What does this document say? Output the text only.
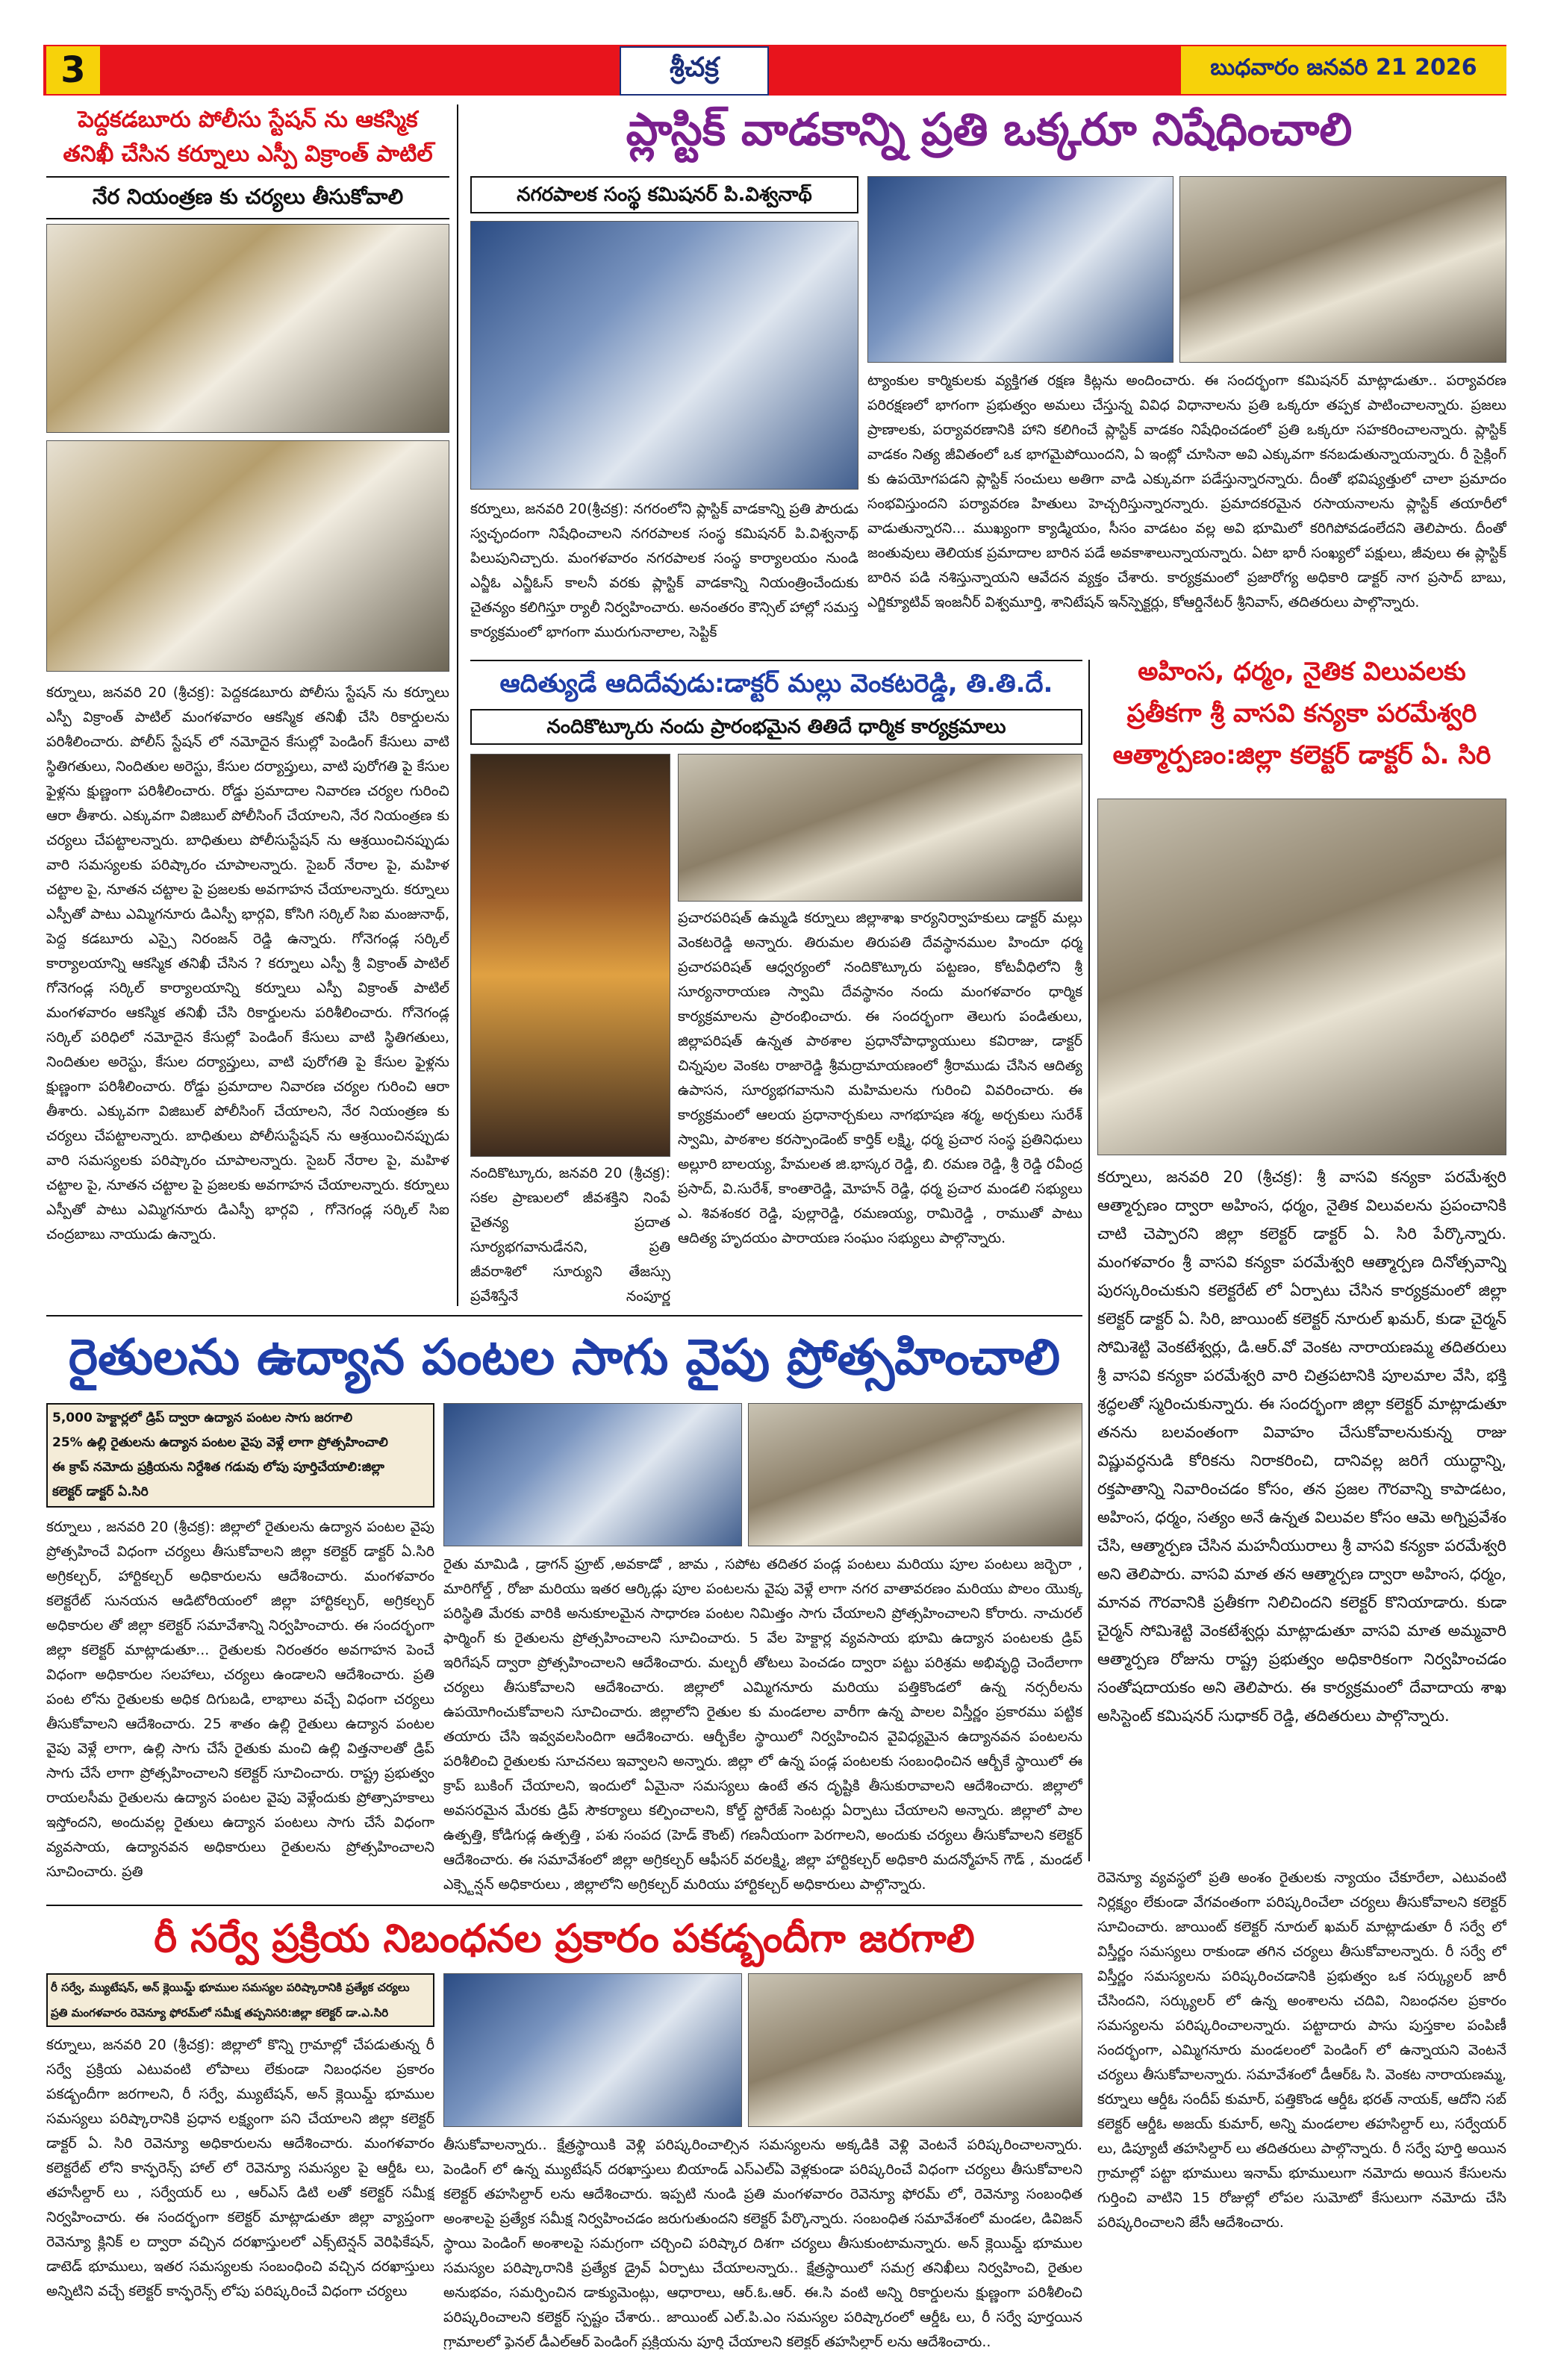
3	శ్రీచక్ర	బుధవారం జనవరి 21 2026
పెద్దకడబూరు పోలీసు స్టేషన్ ను ఆకస్మిక
తనిఖీ చేసిన కర్నూలు ఎస్పీ విక్రాంత్ పాటిల్
నేర నియంత్రణ కు చర్యలు తీసుకోవాలి
కర్నూలు, జనవరి 20 (శ్రీచక్ర): పెద్దకడబూరు పోలీసు స్టేషన్ ను కర్నూలు ఎస్పీ విక్రాంత్ పాటిల్ మంగళవారం ఆకస్మిక తనిఖీ చేసి రికార్డులను పరిశీలించారు. పోలీస్ స్టేషన్ లో నమోదైన కేసుల్లో పెండింగ్ కేసులు వాటి స్థితిగతులు, నిందితుల అరెస్టు, కేసుల దర్యాప్తులు, వాటి పురోగతి పై కేసుల ఫైళ్లను క్షుణ్ణంగా పరిశీలించారు. రోడ్డు ప్రమాదాల నివారణ చర్యల గురించి ఆరా తీశారు. ఎక్కువగా విజిబుల్ పోలీసింగ్ చేయాలని, నేర నియంత్రణ కు చర్యలు చేపట్టాలన్నారు. బాధితులు పోలీసుస్టేషన్ ను ఆశ్రయించినప్పుడు వారి సమస్యలకు పరిష్కారం చూపాలన్నారు. సైబర్ నేరాల పై, మహిళ చట్టాల పై, నూతన చట్టాల పై ప్రజలకు అవగాహన చేయాలన్నారు. కర్నూలు ఎస్పీతో పాటు ఎమ్మిగనూరు డిఎస్పీ భార్గవి, కోసిగి సర్కిల్ సిఐ మంజునాథ్, పెద్ద కడబూరు ఎస్సై నిరంజన్ రెడ్డి ఉన్నారు. గోనెగండ్ల సర్కిల్ కార్యాలయాన్ని ఆకస్మిక తనిఖీ చేసిన ? కర్నూలు ఎస్పీ శ్రీ విక్రాంత్ పాటిల్ గోనెగండ్ల సర్కిల్ కార్యాలయాన్ని కర్నూలు ఎస్పీ విక్రాంత్ పాటిల్ మంగళవారం ఆకస్మిక తనిఖీ చేసి రికార్డులను పరిశీలించారు. గోనెగండ్ల సర్కిల్ పరిధిలో నమోదైన కేసుల్లో పెండింగ్ కేసులు వాటి స్థితిగతులు, నిందితుల అరెస్టు, కేసుల దర్యాప్తులు, వాటి పురోగతి పై కేసుల ఫైళ్లను క్షుణ్ణంగా పరిశీలించారు. రోడ్డు ప్రమాదాల నివారణ చర్యల గురించి ఆరా తీశారు. ఎక్కువగా విజిబుల్ పోలీసింగ్ చేయాలని, నేర నియంత్రణ కు చర్యలు చేపట్టాలన్నారు. బాధితులు పోలీసుస్టేషన్ ను ఆశ్రయించినప్పుడు వారి సమస్యలకు పరిష్కారం చూపాలన్నారు. సైబర్ నేరాల పై, మహిళ చట్టాల పై, నూతన చట్టాల పై ప్రజలకు అవగాహన చేయాలన్నారు. కర్నూలు ఎస్పీతో పాటు ఎమ్మిగనూరు డిఎస్పీ భార్గవి , గోనెగండ్ల సర్కిల్ సిఐ చంద్రబాబు నాయుడు ఉన్నారు.
ప్లాస్టిక్ వాడకాన్ని ప్రతి ఒక్కరూ నిషేధించాలి
నగరపాలక సంస్థ కమిషనర్ పి.విశ్వనాథ్
కర్నూలు, జనవరి 20(శ్రీచక్ర): నగరంలోని ప్లాస్టిక్ వాడకాన్ని ప్రతి పౌరుడు స్వచ్ఛందంగా నిషేధించాలని నగరపాలక సంస్థ కమిషనర్ పి.విశ్వనాథ్ పిలుపునిచ్చారు. మంగళవారం నగరపాలక సంస్థ కార్యాలయం నుండి ఎన్జీఓ ఎన్జీఓస్ కాలనీ వరకు ప్లాస్టిక్ వాడకాన్ని నియంత్రించేందుకు చైతన్యం కలిగిస్తూ ర్యాలీ నిర్వహించారు. అనంతరం కౌన్సిల్ హాల్లో సమస్త కార్యక్రమంలో భాగంగా మురుగునాలాల, సెప్టిక్
ట్యాంకుల కార్మికులకు వ్యక్తిగత రక్షణ కిట్లను అందించారు. ఈ సందర్భంగా కమిషనర్ మాట్లాడుతూ.. పర్యావరణ పరిరక్షణలో భాగంగా ప్రభుత్వం అమలు చేస్తున్న వివిధ విధానాలను ప్రతి ఒక్కరూ తప్పక పాటించాలన్నారు. ప్రజలు ప్రాణాలకు, పర్యావరణానికి హాని కలిగించే ప్లాస్టిక్ వాడకం నిషేధించడంలో ప్రతి ఒక్కరూ సహకరించాలన్నారు. ప్లాస్టిక్ వాడకం నిత్య జీవితంలో ఒక భాగమైపోయిందని, ఏ ఇంట్లో చూసినా అవి ఎక్కువగా కనబడుతున్నాయన్నారు. రీ సైక్లింగ్ కు ఉపయోగపడని ప్లాస్టిక్ సంచులు అతిగా వాడి ఎక్కువగా పడేస్తున్నారన్నారు. దీంతో భవిష్యత్తులో చాలా ప్రమాదం సంభవిస్తుందని పర్యావరణ హితులు హెచ్చరిస్తున్నారన్నారు. ప్రమాదకరమైన రసాయనాలను ప్లాస్టిక్ తయారీలో వాడుతున్నారని... ముఖ్యంగా క్యాడ్మియం, సీసం వాడటం వల్ల అవి భూమిలో కరిగిపోవడంలేదని తెలిపారు. దీంతో జంతువులు తెలియక ప్రమాదాల బారిన పడే అవకాశాలున్నాయన్నారు. ఏటా భారీ సంఖ్యలో పక్షులు, జీవులు ఈ ప్లాస్టిక్ బారిన పడి నశిస్తున్నాయని ఆవేదన వ్యక్తం చేశారు. కార్యక్రమంలో ప్రజారోగ్య అధికారి డాక్టర్ నాగ ప్రసాద్ బాబు, ఎగ్జిక్యూటివ్ ఇంజనీర్ విశ్వమూర్తి, శానిటేషన్ ఇన్‌స్పెక్టర్లు, కోఆర్డినేటర్ శ్రీనివాస్, తదితరులు పాల్గొన్నారు.
ఆదిత్యుడే ఆదిదేవుడు:డాక్టర్ మల్లు వెంకటరెడ్డి, తి.తి.దే.
నందికొట్కూరు నందు ప్రారంభమైన తితిదే ధార్మిక కార్యక్రమాలు
నందికొట్కూరు, జనవరి 20 (శ్రీచక్ర): సకల ప్రాణులలో జీవశక్తిని నింపే చైతన్య ప్రదాత సూర్యభగవానుడేనని, ప్రతి జీవరాశిలో సూర్యుని తేజస్సు ప్రవేశిస్తేనే నంపూర్ణ
ప్రచారపరిషత్ ఉమ్మడి కర్నూలు జిల్లాశాఖ కార్యనిర్వాహకులు డాక్టర్ మల్లు వెంకటరెడ్డి అన్నారు. తిరుమల తిరుపతి దేవస్థానముల హిందూ ధర్మ ప్రచారపరిషత్ ఆధ్వర్యంలో నందికొట్కూరు పట్టణం, కోటవీధిలోని శ్రీ సూర్యనారాయణ స్వామి దేవస్థానం నందు మంగళవారం ధార్మిక కార్యక్రమాలను ప్రారంభించారు. ఈ సందర్భంగా తెలుగు పండితులు, జిల్లాపరిషత్ ఉన్నత పాఠశాల ప్రధానోపాధ్యాయులు కవిరాజు, డాక్టర్ చిన్నపుల వెంకట రాజారెడ్డి శ్రీమద్రామాయణంలో శ్రీరాముడు చేసిన ఆదిత్య ఉపాసన, సూర్యభగవానుని మహిమలను గురించి వివరించారు. ఈ కార్యక్రమంలో ఆలయ ప్రధానార్చకులు నాగభూషణ శర్మ, అర్చకులు సురేశ్ స్వామి, పాఠశాల కరస్పాండెంట్ కార్తిక్ లక్ష్మి, ధర్మ ప్రచార సంస్థ ప్రతినిధులు అల్లూరి బాలయ్య, హేమలత జి.భాస్కర రెడ్డి, బి. రమణ రెడ్డి, శ్రీ రెడ్డి రవీంద్ర ప్రసాద్, వి.సురేశ్, కాంతారెడ్డి, మోహన్ రెడ్డి, ధర్మ ప్రచార మండలి సభ్యులు ఎ. శివశంకర రెడ్డి, పుల్లారెడ్డి, రమణయ్య, రామిరెడ్డి , రాముతో పాటు ఆదిత్య హృదయం పారాయణ సంఘం సభ్యులు పాల్గొన్నారు.
అహింస, ధర్మం, నైతిక విలువలకు
ప్రతీకగా శ్రీ వాసవి కన్యకా పరమేశ్వరి
ఆత్మార్పణం:జిల్లా కలెక్టర్ డాక్టర్ ఏ. సిరి
కర్నూలు, జనవరి 20 (శ్రీచక్ర): శ్రీ వాసవి కన్యకా పరమేశ్వరి ఆత్మార్పణం ద్వారా అహింస, ధర్మం, నైతిక విలువలను ప్రపంచానికి చాటి చెప్పారని జిల్లా కలెక్టర్ డాక్టర్ ఏ. సిరి పేర్కొన్నారు. మంగళవారం శ్రీ వాసవి కన్యకా పరమేశ్వరి ఆత్మార్పణ దినోత్సవాన్ని పురస్కరించుకుని కలెక్టరేట్ లో ఏర్పాటు చేసిన కార్యక్రమంలో జిల్లా కలెక్టర్ డాక్టర్ ఏ. సిరి, జాయింట్ కలెక్టర్ నూరుల్ ఖమర్, కుడా చైర్మన్ సోమిశెట్టి వెంకటేశ్వర్లు, డి.ఆర్.వో వెంకట నారాయణమ్మ తదితరులు శ్రీ వాసవి కన్యకా పరమేశ్వరి వారి చిత్రపటానికి పూలమాల వేసి, భక్తి శ్రద్ధలతో స్మరించుకున్నారు. ఈ సందర్భంగా జిల్లా కలెక్టర్ మాట్లాడుతూ తనను బలవంతంగా వివాహం చేసుకోవాలనుకున్న రాజు విష్ణువర్ధనుడి కోరికను నిరాకరించి, దానివల్ల జరిగే యుద్ధాన్ని, రక్తపాతాన్ని నివారించడం కోసం, తన ప్రజల గౌరవాన్ని కాపాడటం, అహింస, ధర్మం, సత్యం అనే ఉన్నత విలువల కోసం ఆమె అగ్నిప్రవేశం చేసి, ఆత్మార్పణ చేసిన మహనీయురాలు శ్రీ వాసవి కన్యకా పరమేశ్వరి అని తెలిపారు. వాసవి మాత తన ఆత్మార్పణ ద్వారా అహింస, ధర్మం, మానవ గౌరవానికి ప్రతీకగా నిలిచిందని కలెక్టర్ కొనియాడారు. కుడా చైర్మన్ సోమిశెట్టి వెంకటేశ్వర్లు మాట్లాడుతూ వాసవి మాత అమ్మవారి ఆత్మార్పణ రోజును రాష్ట్ర ప్రభుత్వం అధికారికంగా నిర్వహించడం సంతోషదాయకం అని తెలిపారు. ఈ కార్యక్రమంలో దేవాదాయ శాఖ అసిస్టెంట్ కమిషనర్ సుధాకర్ రెడ్డి, తదితరులు పాల్గొన్నారు.
రైతులను ఉద్యాన పంటల సాగు వైపు ప్రోత్సహించాలి
5,000 హెక్టార్లలో డ్రిప్ ద్వారా ఉద్యాన పంటల సాగు జరగాలి
25% ఉల్లి రైతులను ఉద్యాన పంటల వైపు వెళ్లే లాగా ప్రోత్సహించాలి
ఈ క్రాప్ నమోదు ప్రక్రియను నిర్దేశిత గడువు లోపు పూర్తిచేయాలి:జిల్లా
కలెక్టర్ డాక్టర్ ఏ.సిరి
కర్నూలు , జనవరి 20 (శ్రీచక్ర): జిల్లాలో రైతులను ఉద్యాన పంటల వైపు ప్రోత్సహించే విధంగా చర్యలు తీసుకోవాలని జిల్లా కలెక్టర్ డాక్టర్ ఏ.సిరి అగ్రికల్చర్, హార్టికల్చర్ అధికారులను ఆదేశించారు. మంగళవారం కలెక్టరేట్ సునయన ఆడిటోరియంలో జిల్లా హార్టికల్చర్, అగ్రికల్చర్ అధికారుల తో జిల్లా కలెక్టర్ సమావేశాన్ని నిర్వహించారు. ఈ సందర్భంగా జిల్లా కలెక్టర్ మాట్లాడుతూ... రైతులకు నిరంతరం అవగాహన పెంచే విధంగా అధికారుల సలహాలు, చర్యలు ఉండాలని ఆదేశించారు. ప్రతి పంట లోను రైతులకు అధిక దిగుబడి, లాభాలు వచ్చే విధంగా చర్యలు తీసుకోవాలని ఆదేశించారు. 25 శాతం ఉల్లి రైతులు ఉద్యాన పంటల వైపు వెళ్లే లాగా, ఉల్లి సాగు చేసే రైతుకు మంచి ఉల్లి విత్తనాలతో డ్రిప్ సాగు చేసే లాగా ప్రోత్సహించాలని కలెక్టర్ సూచించారు. రాష్ట్ర ప్రభుత్వం రాయలసీమ రైతులను ఉద్యాన పంటల వైపు వెళ్లేందుకు ప్రోత్సాహకాలు ఇస్తోందని, అందువల్ల రైతులు ఉద్యాన పంటలు సాగు చేసే విధంగా వ్యవసాయ, ఉద్యానవన అధికారులు రైతులను ప్రోత్సహించాలని సూచించారు. ప్రతి
రైతు మామిడి , డ్రాగన్ ఫ్రూట్ ,అవకాడో , జామ , సపోట తదితర పండ్ల పంటలు మరియు పూల పంటలు జర్బెరా , మారిగోల్డ్ , రోజా మరియు ఇతర ఆర్కిడ్లు పూల పంటలను వైపు వెళ్లే లాగా నగర వాతావరణం మరియు పొలం యొక్క పరిస్థితి మేరకు వారికి అనుకూలమైన సాధారణ పంటల నిమిత్తం సాగు చేయాలని ప్రోత్సహించాలని కోరారు. నాచురల్ ఫార్మింగ్ కు రైతులను ప్రోత్సహించాలని సూచించారు. 5 వేల హెక్టార్ల వ్యవసాయ భూమి ఉద్యాన పంటలకు డ్రిప్ ఇరిగేషన్ ద్వారా ప్రోత్సహించాలని ఆదేశించారు. మల్బరీ తోటలు పెంచడం ద్వారా పట్టు పరిశ్రమ అభివృద్ధి చెందేలాగా చర్యలు తీసుకోవాలని ఆదేశించారు. జిల్లాలో ఎమ్మిగనూరు మరియు పత్తికొండలో ఉన్న నర్సరీలను ఉపయోగించుకోవాలని సూచించారు. జిల్లాలోని రైతుల కు మండలాల వారీగా ఉన్న పాలల విస్తీర్ణం ప్రకారము పట్టిక తయారు చేసి ఇవ్వవలసిందిగా ఆదేశించారు. ఆర్బీకేల స్థాయిలో నిర్వహించిన వైవిధ్యమైన ఉద్యానవన పంటలను పరిశీలించి రైతులకు సూచనలు ఇవ్వాలని అన్నారు. జిల్లా లో ఉన్న పండ్ల పంటలకు సంబంధించిన ఆర్బీకే స్థాయిలో ఈ క్రాప్ బుకింగ్ చేయాలని, ఇందులో ఏమైనా సమస్యలు ఉంటే తన దృష్టికి తీసుకురావాలని ఆదేశించారు. జిల్లాలో అవసరమైన మేరకు డ్రిప్ సౌకర్యాలు కల్పించాలని, కోల్డ్ స్టోరేజ్ సెంటర్లు ఏర్పాటు చేయాలని అన్నారు. జిల్లాలో పాల ఉత్పత్తి, కోడిగుడ్ల ఉత్పత్తి , పశు సంపద (హెడ్ కౌంట్) గణనీయంగా పెరగాలని, అందుకు చర్యలు తీసుకోవాలని కలెక్టర్ ఆదేశించారు. ఈ సమావేశంలో జిల్లా అగ్రికల్చర్ ఆఫీసర్ వరలక్ష్మి, జిల్లా హార్టికల్చర్ అధికారి మదన్మోహన్ గౌడ్ , మండల్ ఎక్స్టెన్షన్ అధికారులు , జిల్లాలోని అగ్రికల్చర్ మరియు హార్టికల్చర్ అధికారులు పాల్గొన్నారు.
రీ సర్వే ప్రక్రియ నిబంధనల ప్రకారం పకడ్బందీగా జరగాలి
రీ సర్వే, మ్యుటేషన్, అన్ క్లెయిమ్డ్ భూముల సమస్యల పరిష్కారానికి ప్రత్యేక చర్యలు
ప్రతి మంగళవారం రెవెన్యూ ఫోరమ్‌లో సమీక్ష తప్పనిసరి:జిల్లా కలెక్టర్ డా.ఎ.సిరి
కర్నూలు, జనవరి 20 (శ్రీచక్ర): జిల్లాలో కొన్ని గ్రామాల్లో చేపడుతున్న రీ సర్వే ప్రక్రియ ఎటువంటి లోపాలు లేకుండా నిబంధనల ప్రకారం పకడ్బందీగా జరగాలని, రీ సర్వే, మ్యుటేషన్, అన్ క్లెయిమ్డ్ భూముల సమస్యలు పరిష్కారానికి ప్రధాన లక్ష్యంగా పని చేయాలని జిల్లా కలెక్టర్ డాక్టర్ ఏ. సిరి రెవెన్యూ అధికారులను ఆదేశించారు. మంగళవారం కలెక్టరేట్ లోని కాన్ఫరెన్స్ హాల్ లో రెవెన్యూ సమస్యల పై ఆర్డీఓ లు, తహసీల్దార్ లు , సర్వేయర్ లు , ఆర్ఎస్ డిటి లతో కలెక్టర్ సమీక్ష నిర్వహించారు. ఈ సందర్భంగా కలెక్టర్ మాట్లాడుతూ జిల్లా వ్యాప్తంగా రెవెన్యూ క్లినిక్ ల ద్వారా వచ్చిన దరఖాస్తులలో ఎక్స్‌టెన్షన్ వెరిఫికేషన్, డాటెడ్ భూములు, ఇతర సమస్యలకు సంబంధించి వచ్చిన దరఖాస్తులు అన్నిటిని వచ్చే కలెక్టర్ కాన్ఫరెన్స్ లోపు పరిష్కరించే విధంగా చర్యలు
తీసుకోవాలన్నారు.. క్షేత్రస్థాయికి వెళ్లి పరిష్కరించాల్సిన సమస్యలను అక్కడికి వెళ్లి వెంటనే పరిష్కరించాలన్నారు. పెండింగ్ లో ఉన్న మ్యుటేషన్ దరఖాస్తులు బియాండ్ ఎస్‌ఎల్‌ఏ వెళ్లకుండా పరిష్కరించే విధంగా చర్యలు తీసుకోవాలని కలెక్టర్ తహసిల్దార్ లను ఆదేశించారు. ఇప్పటి నుండి ప్రతి మంగళవారం రెవెన్యూ ఫోరమ్ లో, రెవెన్యూ సంబంధిత అంశాలపై ప్రత్యేక సమీక్ష నిర్వహించడం జరుగుతుందని కలెక్టర్ పేర్కొన్నారు. సంబంధిత సమావేశంలో మండల, డివిజన్ స్థాయి పెండింగ్ అంశాలపై సమగ్రంగా చర్చించి పరిష్కార దిశగా చర్యలు తీసుకుంటామన్నారు. అన్ క్లెయిమ్డ్ భూముల సమస్యల పరిష్కారానికి ప్రత్యేక డ్రైవ్ ఏర్పాటు చేయాలన్నారు.. క్షేత్రస్థాయిలో సమగ్ర తనిఖీలు నిర్వహించి, రైతుల అనుభవం, సమర్పించిన డాక్యుమెంట్లు, ఆధారాలు, ఆర్.ఓ.ఆర్. ఈ.సి వంటి అన్ని రికార్డులను క్షుణ్ణంగా పరిశీలించి పరిష్కరించాలని కలెక్టర్ స్పష్టం చేశారు.. జాయింట్ ఎల్.పి.ఎం సమస్యల పరిష్కారంలో ఆర్డీఓ లు, రీ సర్వే పూర్తయిన గ్రామాలలో ఫైనల్ డీఎల్ఆర్ పెండింగ్ ప్రక్రియను పూర్తి చేయాలని కలెక్టర్ తహసిల్దార్ లను ఆదేశించారు..
రెవెన్యూ వ్యవస్థలో ప్రతి అంశం రైతులకు న్యాయం చేకూరేలా, ఎటువంటి నిర్లక్ష్యం లేకుండా వేగవంతంగా పరిష్కరించేలా చర్యలు తీసుకోవాలని కలెక్టర్ సూచించారు. జాయింట్ కలెక్టర్ నూరుల్ ఖమర్ మాట్లాడుతూ రీ సర్వే లో విస్తీర్ణం సమస్యలు రాకుండా తగిన చర్యలు తీసుకోవాలన్నారు. రీ సర్వే లో విస్తీర్ణం సమస్యలను పరిష్కరించడానికి ప్రభుత్వం ఒక సర్క్యులర్ జారీ చేసిందని, సర్క్యులర్ లో ఉన్న అంశాలను చదివి, నిబంధనల ప్రకారం సమస్యలను పరిష్కరించాలన్నారు. పట్టాదారు పాసు పుస్తకాల పంపిణీ సందర్భంగా, ఎమ్మిగనూరు మండలంలో పెండింగ్ లో ఉన్నాయని వెంటనే చర్యలు తీసుకోవాలన్నారు. సమావేశంలో డీఆర్ఓ సి. వెంకట నారాయణమ్మ, కర్నూలు ఆర్డీఓ సందీప్ కుమార్, పత్తికొండ ఆర్డీఓ భరత్ నాయక్, ఆదోని సబ్ కలెక్టర్ ఆర్డీఓ అజయ్ కుమార్, అన్ని మండలాల తహసిల్దార్ లు, సర్వేయర్ లు, డిప్యూటీ తహసిల్దార్ లు తదితరులు పాల్గొన్నారు. రీ సర్వే పూర్తి అయిన గ్రామాల్లో పట్టా భూములు ఇనామ్ భూములుగా నమోదు అయిన కేసులను గుర్తించి వాటిని 15 రోజుల్లో లోపల సుమోటో కేసులుగా నమోదు చేసి పరిష్కరించాలని జేసీ ఆదేశించారు.
